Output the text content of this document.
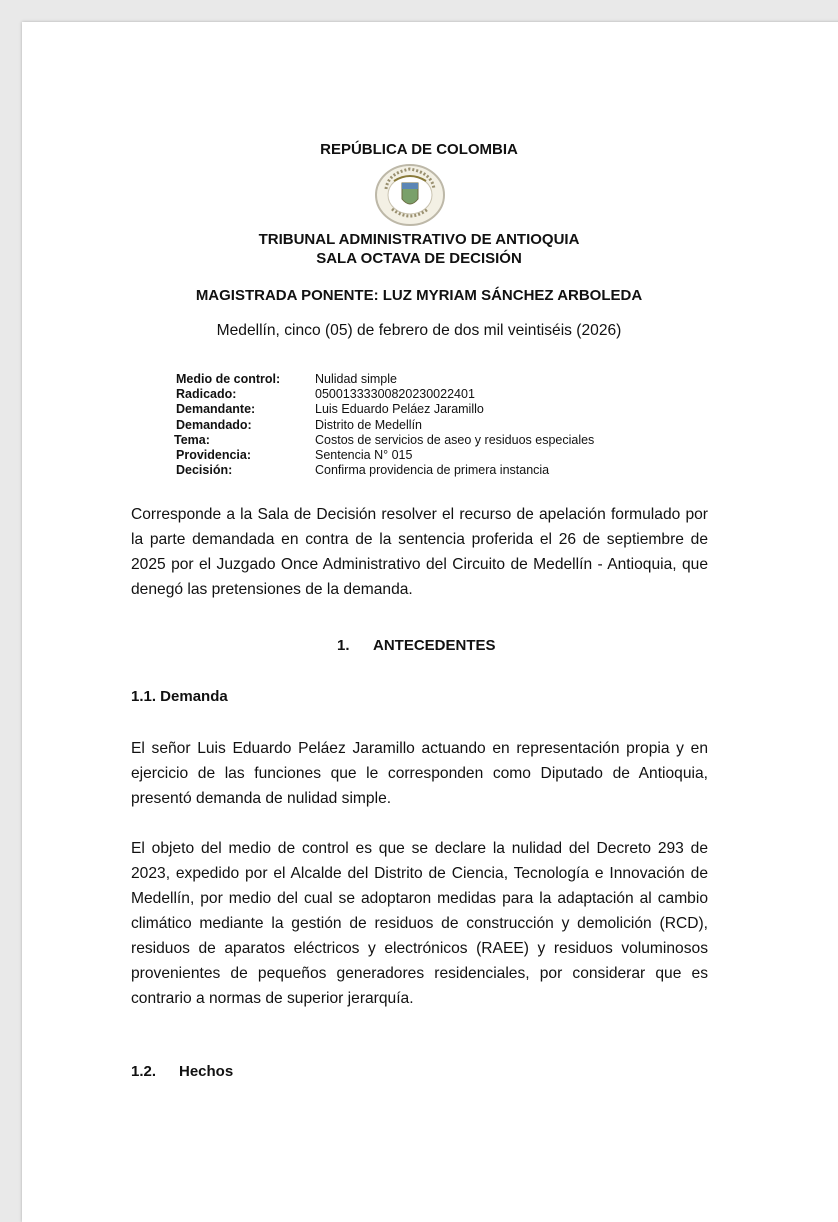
REPÚBLICA DE COLOMBIA
TRIBUNAL ADMINISTRATIVO DE ANTIOQUIA
SALA OCTAVA DE DECISIÓN
MAGISTRADA PONENTE: LUZ MYRIAM SÁNCHEZ ARBOLEDA
Medellín, cinco (05) de febrero de dos mil veintiséis (2026)
Medio de control:	Nulidad simple
Radicado:	05001333300820230022401
Demandante:	Luis Eduardo Peláez Jaramillo
Demandado:	Distrito de Medellín
Tema:	Costos de servicios de aseo y residuos especiales
Providencia:	Sentencia N° 015
Decisión:	Confirma providencia de primera instancia
Corresponde a la Sala de Decisión resolver el recurso de apelación formulado por la parte demandada en contra de la sentencia proferida el 26 de septiembre de 2025 por el Juzgado Once Administrativo del Circuito de Medellín - Antioquia, que denegó las pretensiones de la demanda.
1. ANTECEDENTES
1.1. Demanda
El señor Luis Eduardo Peláez Jaramillo actuando en representación propia y en ejercicio de las funciones que le corresponden como Diputado de Antioquia, presentó demanda de nulidad simple.
El objeto del medio de control es que se declare la nulidad del Decreto 293 de 2023, expedido por el Alcalde del Distrito de Ciencia, Tecnología e Innovación de Medellín, por medio del cual se adoptaron medidas para la adaptación al cambio climático mediante la gestión de residuos de construcción y demolición (RCD), residuos de aparatos eléctricos y electrónicos (RAEE) y residuos voluminosos provenientes de pequeños generadores residenciales, por considerar que es contrario a normas de superior jerarquía.
1.2. Hechos
